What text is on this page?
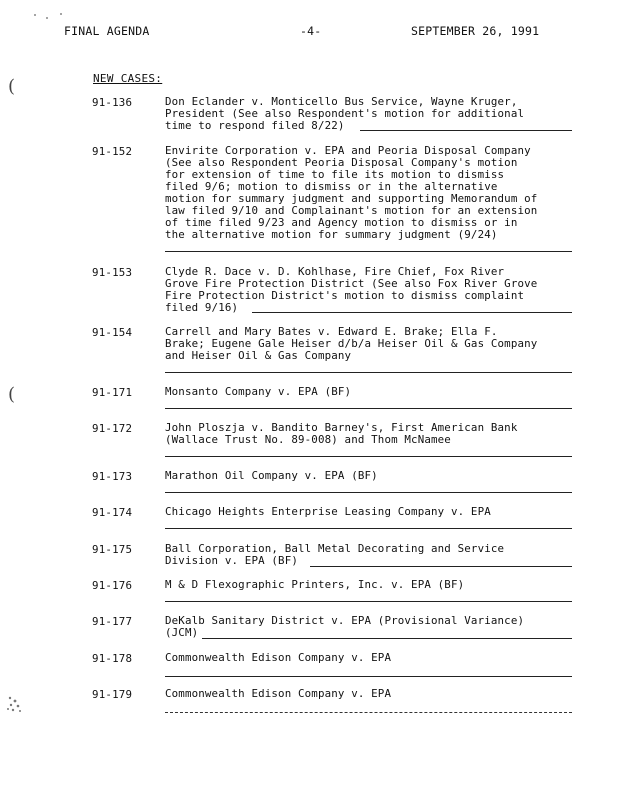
FINAL AGENDA	-4-	SEPTEMBER 26, 1991
NEW CASES:
91-136	Don Eclander v. Monticello Bus Service, Wayne Kruger,
President (See also Respondent's motion for additional
time to respond filed 8/22)
91-152	Envirite Corporation v. EPA and Peoria Disposal Company
(See also Respondent Peoria Disposal Company's motion
for extension of time to file its motion to dismiss
filed 9/6; motion to dismiss or in the alternative
motion for summary judgment and supporting Memorandum of
law filed 9/10 and Complainant's motion for an extension
of time filed 9/23 and Agency motion to dismiss or in
the alternative motion for summary judgment (9/24)
91-153	Clyde R. Dace v. D. Kohlhase, Fire Chief, Fox River
Grove Fire Protection District (See also Fox River Grove
Fire Protection District's motion to dismiss complaint
filed 9/16)
91-154	Carrell and Mary Bates v. Edward E. Brake; Ella F.
Brake; Eugene Gale Heiser d/b/a Heiser Oil & Gas Company
and Heiser Oil & Gas Company
91-171	Monsanto Company v. EPA (BF)
91-172	John Ploszja v. Bandito Barney's, First American Bank
(Wallace Trust No. 89-008) and Thom McNamee
91-173	Marathon Oil Company v. EPA (BF)
91-174	Chicago Heights Enterprise Leasing Company v. EPA
91-175	Ball Corporation, Ball Metal Decorating and Service
Division v. EPA (BF)
91-176	M & D Flexographic Printers, Inc. v. EPA (BF)
91-177	DeKalb Sanitary District v. EPA (Provisional Variance)
(JCM)
91-178	Commonwealth Edison Company v. EPA
91-179	Commonwealth Edison Company v. EPA
(
(
